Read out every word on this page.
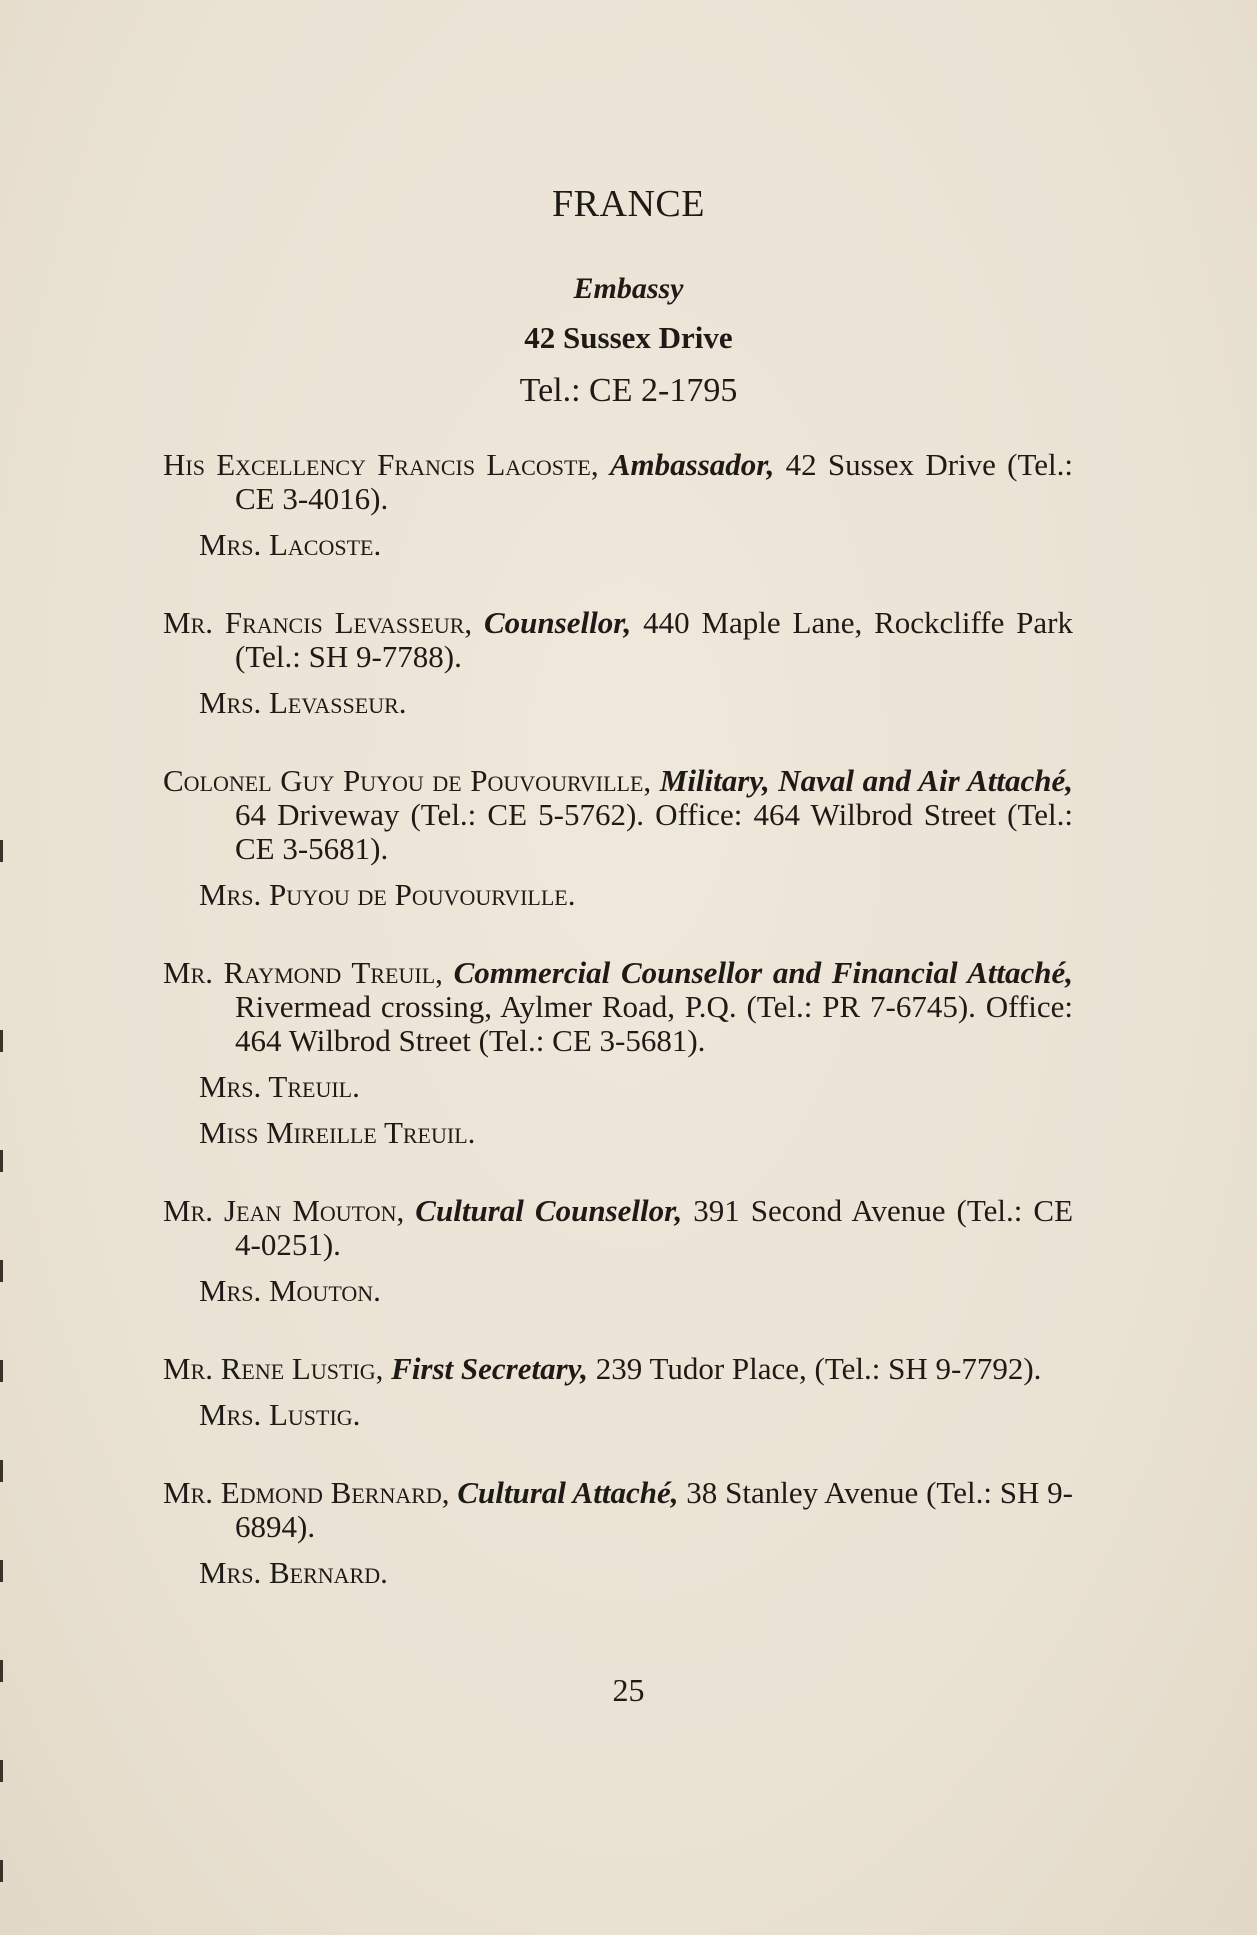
FRANCE
Embassy
42 Sussex Drive
Tel.: CE 2-1795
His Excellency Francis Lacoste, Ambassador, 42 Sussex Drive (Tel.: CE 3-4016).
Mrs. Lacoste.
Mr. Francis Levasseur, Counsellor, 440 Maple Lane, Rockcliffe Park (Tel.: SH 9-7788).
Mrs. Levasseur.
Colonel Guy Puyou de Pouvourville, Military, Naval and Air Attaché, 64 Driveway (Tel.: CE 5-5762). Office: 464 Wilbrod Street (Tel.: CE 3-5681).
Mrs. Puyou de Pouvourville.
Mr. Raymond Treuil, Commercial Counsellor and Financial Attaché, Rivermead crossing, Aylmer Road, P.Q. (Tel.: PR 7-6745). Office: 464 Wilbrod Street (Tel.: CE 3-5681).
Mrs. Treuil.
Miss Mireille Treuil.
Mr. Jean Mouton, Cultural Counsellor, 391 Second Avenue (Tel.: CE 4-0251).
Mrs. Mouton.
Mr. Rene Lustig, First Secretary, 239 Tudor Place, (Tel.: SH 9-7792).
Mrs. Lustig.
Mr. Edmond Bernard, Cultural Attaché, 38 Stanley Avenue (Tel.: SH 9-6894).
Mrs. Bernard.
25
